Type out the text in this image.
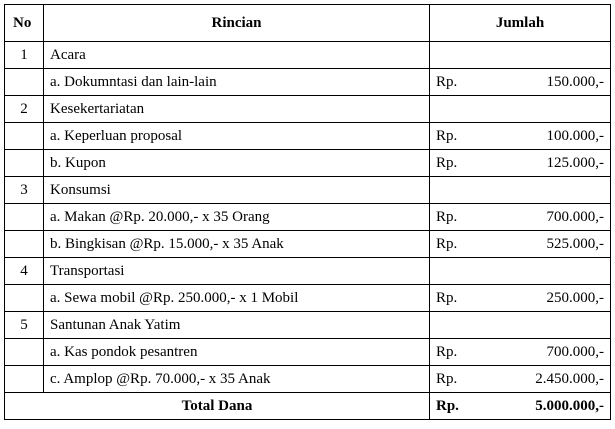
No	Rincian	Jumlah
1	Acara	
	a. Dokumntasi dan lain-lain	Rp. 150.000,-

2	Kesekertariatan	
	a. Keperluan proposal	Rp. 100.000,-

	b. Kupon	Rp. 125.000,-

3	Konsumsi	
	a. Makan @Rp. 20.000,- x 35 Orang	Rp. 700.000,-

	b. Bingkisan @Rp. 15.000,- x 35 Anak	Rp. 525.000,-

4	Transportasi	
	a. Sewa mobil @Rp. 250.000,- x 1 Mobil	Rp. 250.000,-

5	Santunan Anak Yatim	
	a. Kas pondok pesantren	Rp. 700.000,-

	c. Amplop @Rp. 70.000,- x 35 Anak	Rp. 2.450.000,-

Total Dana		Rp. 5.000.000,-
